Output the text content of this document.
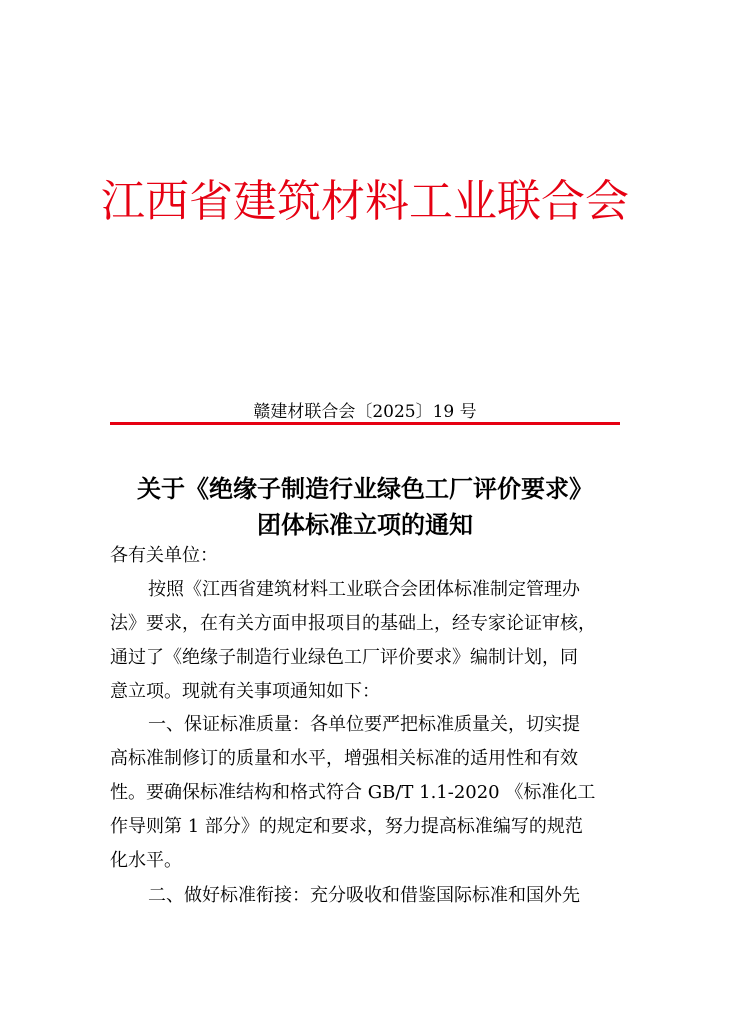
江西省建筑材料工业联合会
赣建材联合会〔2025〕19 号
关于《绝缘子制造行业绿色工厂评价要求》
团体标准立项的通知
各有关单位：
按照《江西省建筑材料工业联合会团体标准制定管理办
法》要求，在有关方面申报项目的基础上，经专家论证审核，
通过了《绝缘子制造行业绿色工厂评价要求》编制计划，同
意立项。现就有关事项通知如下：
一、保证标准质量：各单位要严把标准质量关，切实提
高标准制修订的质量和水平，增强相关标准的适用性和有效
性。要确保标准结构和格式符合 GB/T 1.1-2020 《标准化工
作导则第 1 部分》的规定和要求，努力提高标准编写的规范
化水平。
二、做好标准衔接：充分吸收和借鉴国际标准和国外先
